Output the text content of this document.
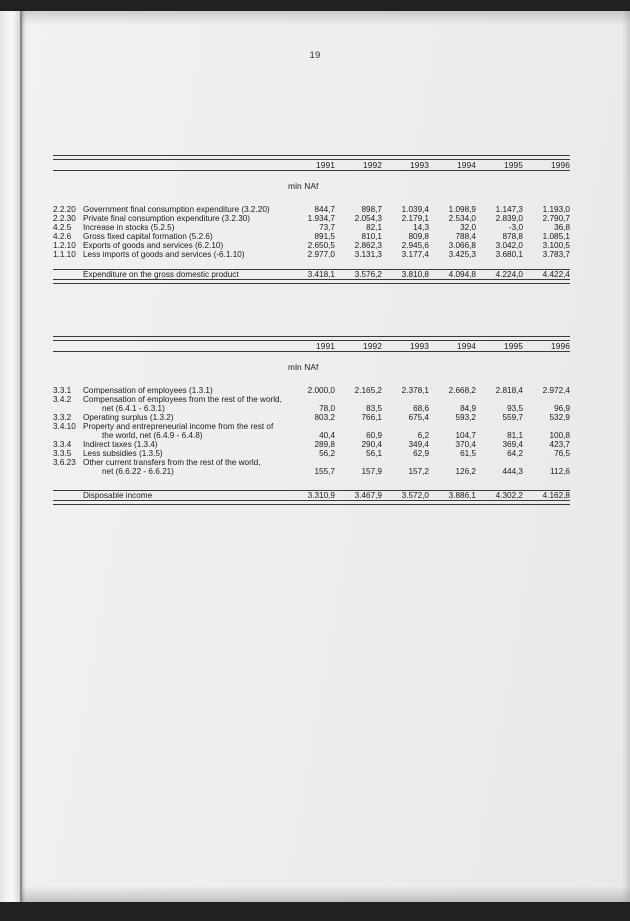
19

		1991	1992	1993	1994	1995	1996

		mln NAf					

2.2.20	Government final consumption expenditure (3.2.20)	844,7	898,7	1.039,4	1.098,9	1.147,3	1.193,0
2.2.30	Private final consumption expenditure (3.2.30)	1.934,7	2.054,3	2.179,1	2.534,0	2.839,0	2.790,7
4.2.5	Increase in stocks (5.2.5)	73,7	82,1	14,3	32,0	-3,0	36,8
4.2.6	Gross fixed capital formation (5.2.6)	891,5	810,1	809,8	788,4	878,8	1.085,1
1.2.10	Exports of goods and services (6.2.10)	2.650,5	2.862,3	2.945,6	3.066,8	3.042,0	3.100,5
1.1.10	Less imports of goods and services (-6.1.10)	2.977,0	3.131,3	3.177,4	3.425,3	3.680,1	3.783,7

	Expenditure on the gross domestic product	3.418,1	3.576,2	3.810,8	4.094,8	4.224,0	4.422,4

		1991	1992	1993	1994	1995	1996

		mln NAf					

3.3.1	Compensation of employees (1.3.1)	2.000,0	2.165,2	2.378,1	2.668,2	2.818,4	2.972,4
3.4.2	Compensation of employees from the rest of the world,						
	net (6.4.1 - 6.3.1)	78,0	83,5	68,6	84,9	93,5	96,9
3.3.2	Operating surplus (1.3.2)	803,2	766,1	675,4	593,2	559,7	532,9
3.4.10	Property and entrepreneurial income from the rest of						
	the world, net (6.4.9 - 6.4.8)	40,4	60,9	6,2	104,7	81,1	100,8
3.3.4	Indirect taxes (1.3.4)	289,8	290,4	349,4	370,4	369,4	423,7
3.3.5	Less subsidies (1.3.5)	56,2	56,1	62,9	61,5	64,2	76,5
3.6.23	Other current transfers from the rest of the world,						
	net (6.6.22 - 6.6.21)	155,7	157,9	157,2	126,2	444,3	112,6

	Disposable income	3.310,9	3.467,9	3.572,0	3.886,1	4.302,2	4.162,8
